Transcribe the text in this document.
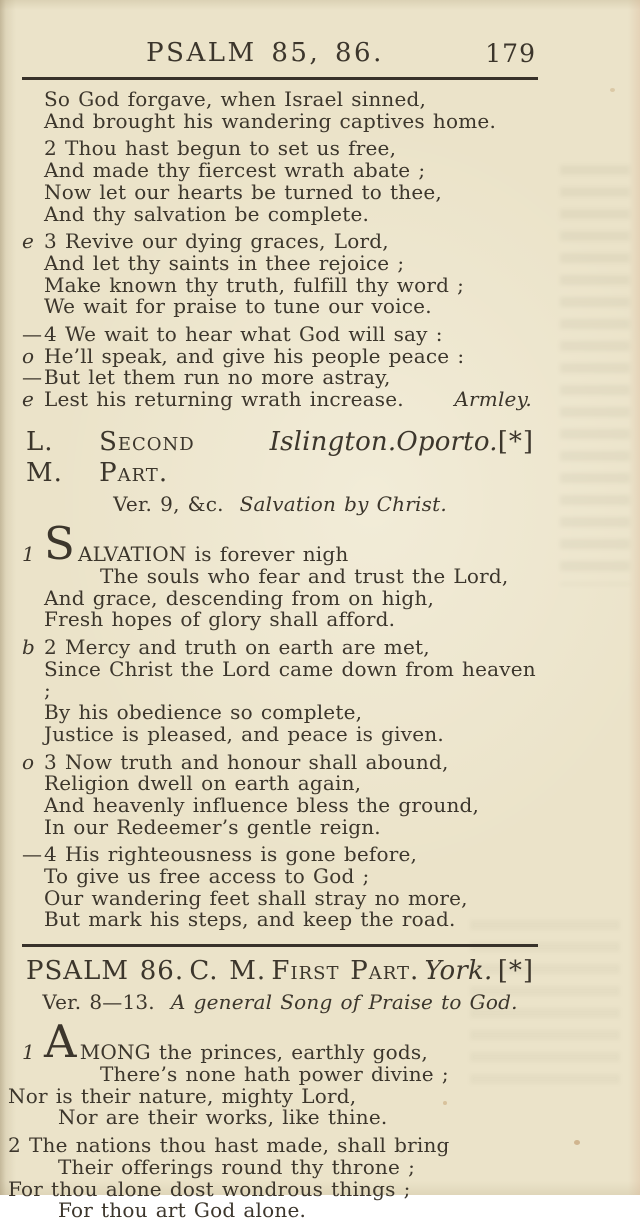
PSALM 85, 86.	179
So God forgave, when Israel sinned,
And brought his wandering captives home.
2 Thou hast begun to set us free,
And made thy fiercest wrath abate ;
Now let our hearts be turned to thee,
And thy salvation be complete.
e 3 Revive our dying graces, Lord,
And let thy saints in thee rejoice ;
Make known thy truth, fulfill thy word ;
We wait for praise to tune our voice.
— 4 We wait to hear what God will say :
o He’ll speak, and give his people peace :
— But let them run no more astray,
e Lest his returning wrath increase.	Armley.
L. M.
Second Part.
Islington. Oporto. [*]
Ver. 9, &c. Salvation by Christ.
1 S ALVATION is forever nigh
The souls who fear and trust the Lord,
And grace, descending from on high,
Fresh hopes of glory shall afford.
b 2 Mercy and truth on earth are met,
Since Christ the Lord came down from heaven ;
By his obedience so complete,
Justice is pleased, and peace is given.
o 3 Now truth and honour shall abound,
Religion dwell on earth again,
And heavenly influence bless the ground,
In our Redeemer’s gentle reign.
— 4 His righteousness is gone before,
To give us free access to God ;
Our wandering feet shall stray no more,
But mark his steps, and keep the road.
PSALM 86. C. M. First Part. York. [*]
Ver. 8—13. A general Song of Praise to God.
1 A MONG the princes, earthly gods,
There’s none hath power divine ;
Nor is their nature, mighty Lord,
Nor are their works, like thine.
2 The nations thou hast made, shall bring
Their offerings round thy throne ;
For thou alone dost wondrous things ;
For thou art God alone.
